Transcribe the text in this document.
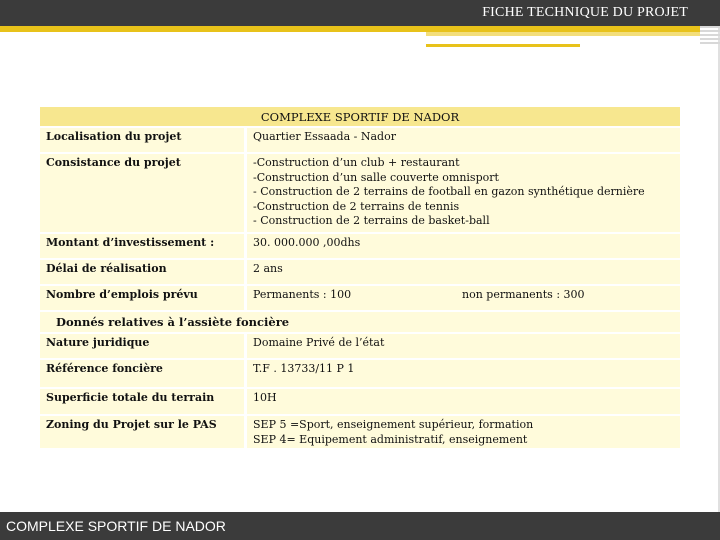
FICHE TECHNIQUE DU PROJET
COMPLEXE SPORTIF DE NADOR
Localisation du projet	Quartier Essaada - Nador
Consistance du projet	-Construction d’un club + restaurant
-Construction d’un salle couverte omnisport
- Construction de 2 terrains de football en gazon synthétique dernière
-Construction de 2 terrains de tennis
- Construction de 2 terrains de basket-ball
Montant d’investissement :	30. 000.000 ,00dhs
Délai de réalisation	2 ans
Nombre d’emplois prévu	Permanents : 100	non permanents : 300
Donnés relatives à l’assiète foncière
Nature juridique	Domaine Privé de l’état
Référence foncière	T.F . 13733/11 P 1
Superficie totale du terrain	10H
Zoning du Projet sur le PAS	SEP 5 =Sport, enseignement supérieur, formation
SEP 4= Equipement administratif, enseignement
COMPLEXE SPORTIF DE NADOR
